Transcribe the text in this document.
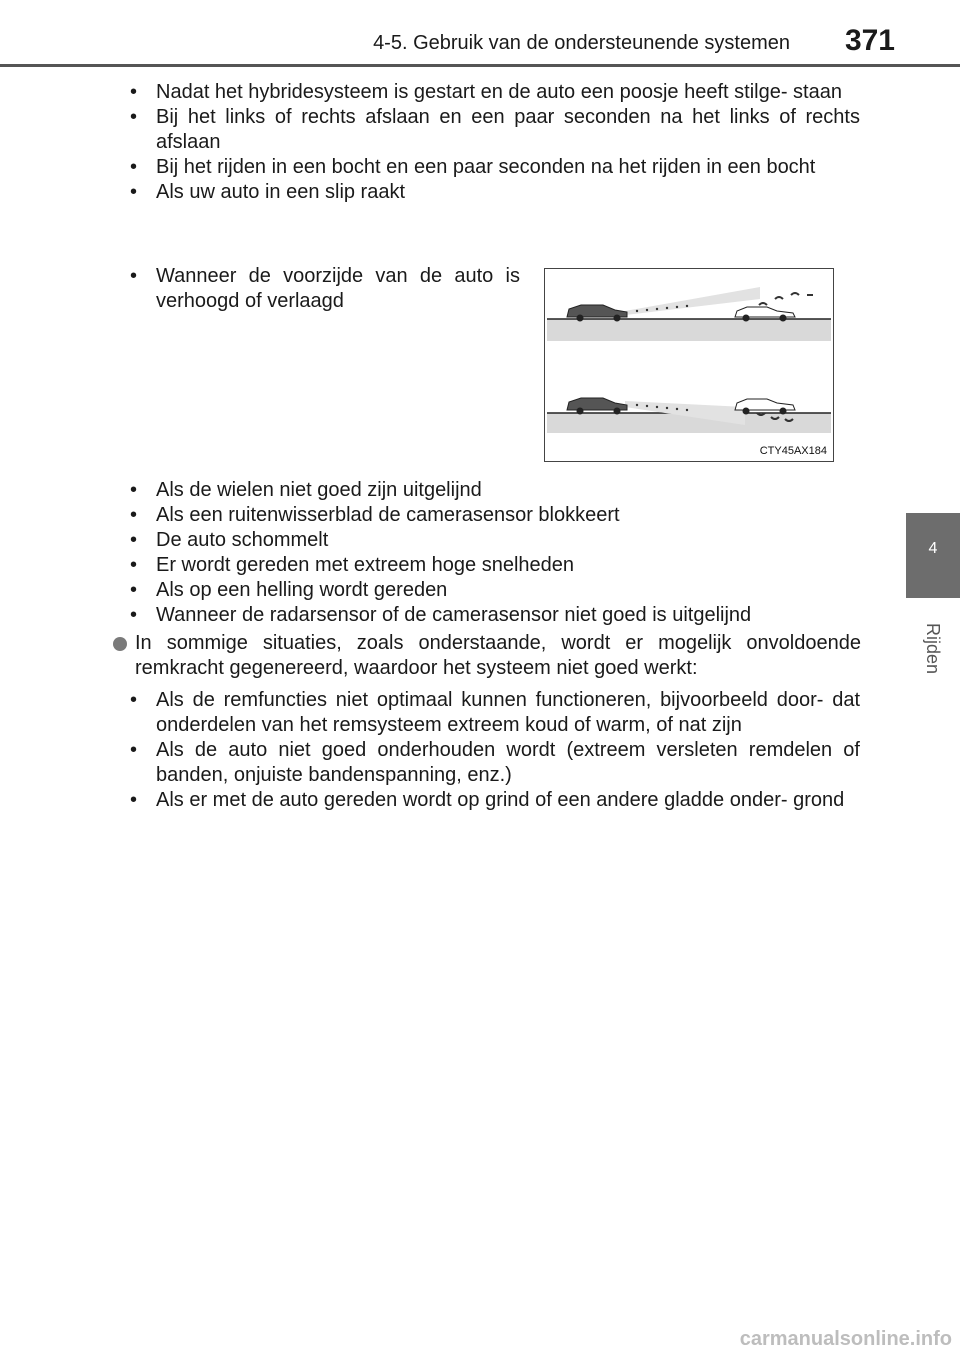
4-5. Gebruik van de ondersteunende systemen	371
4
Rijden
• Nadat het hybridesysteem is gestart en de auto een poosje heeft stilge- staan
• Bij het links of rechts afslaan en een paar seconden na het links of rechts afslaan
• Bij het rijden in een bocht en een paar seconden na het rijden in een bocht
• Als uw auto in een slip raakt
• Wanneer de voorzijde van de auto is verhoogd of verlaagd
CTY45AX184
• Als de wielen niet goed zijn uitgelijnd
• Als een ruitenwisserblad de camerasensor blokkeert
• De auto schommelt
• Er wordt gereden met extreem hoge snelheden
• Als op een helling wordt gereden
• Wanneer de radarsensor of de camerasensor niet goed is uitgelijnd

In sommige situaties, zoals onderstaande, wordt er mogelijk onvoldoende remkracht gegenereerd, waardoor het systeem niet goed werkt:

• Als de remfuncties niet optimaal kunnen functioneren, bijvoorbeeld door- dat onderdelen van het remsysteem extreem koud of warm, of nat zijn
• Als de auto niet goed onderhouden wordt (extreem versleten remdelen of banden, onjuiste bandenspanning, enz.)
• Als er met de auto gereden wordt op grind of een andere gladde onder- grond
carmanualsonline.info
